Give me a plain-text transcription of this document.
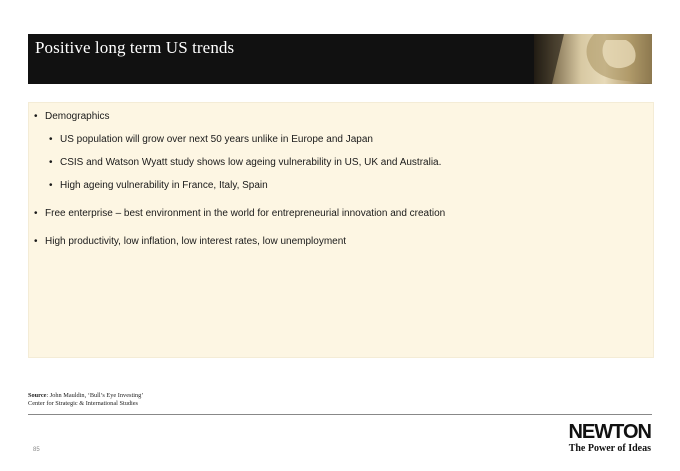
Positive long term US trends
• Demographics
• US population will grow over next 50 years unlike in Europe and Japan
• CSIS and Watson Wyatt study shows low ageing vulnerability in US, UK and Australia.
• High ageing vulnerability in France, Italy, Spain
• Free enterprise – best environment in the world for entrepreneurial innovation and creation
• High productivity, low inflation, low interest rates, low unemployment
Source: John Mauldin, ‘Bull’s Eye Investing’
Center for Strategic & International Studies
85
NEWTON
The Power of Ideas
